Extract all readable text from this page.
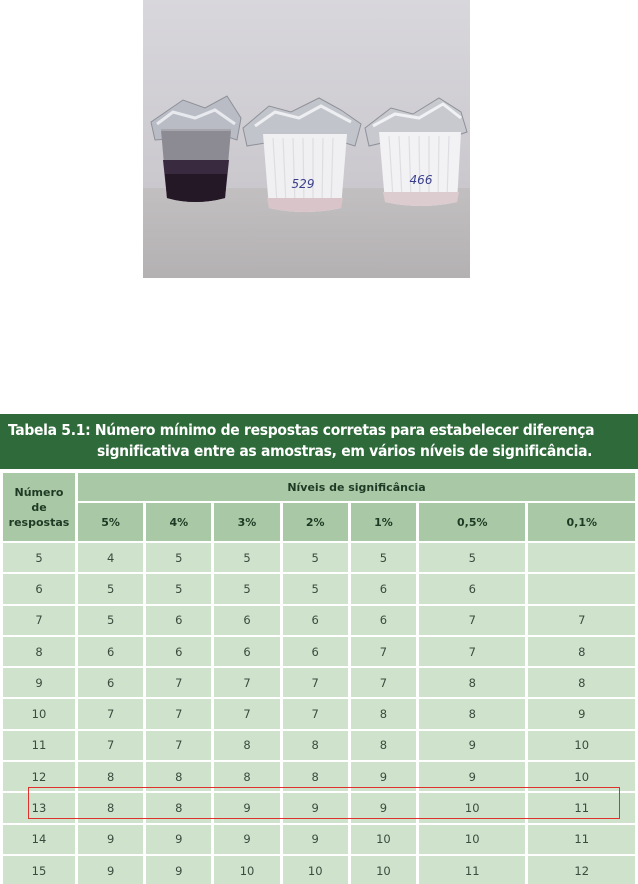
529	466
Tabela 5.1: Número mínimo de respostas corretas para estabelecer diferença
significativa entre as amostras, em vários níveis de significância.
Número
de
respostas	Níveis de significância						
	5%	4%	3%	2%	1%	0,5%	0,1%
5	4	5	5	5	5	5	
6	5	5	5	5	6	6	
7	5	6	6	6	6	7	7
8	6	6	6	6	7	7	8
9	6	7	7	7	7	8	8
10	7	7	7	7	8	8	9
11	7	7	8	8	8	9	10
12	8	8	8	8	9	9	10
13	8	8	9	9	9	10	11
14	9	9	9	9	10	10	11
15	9	9	10	10	10	11	12
